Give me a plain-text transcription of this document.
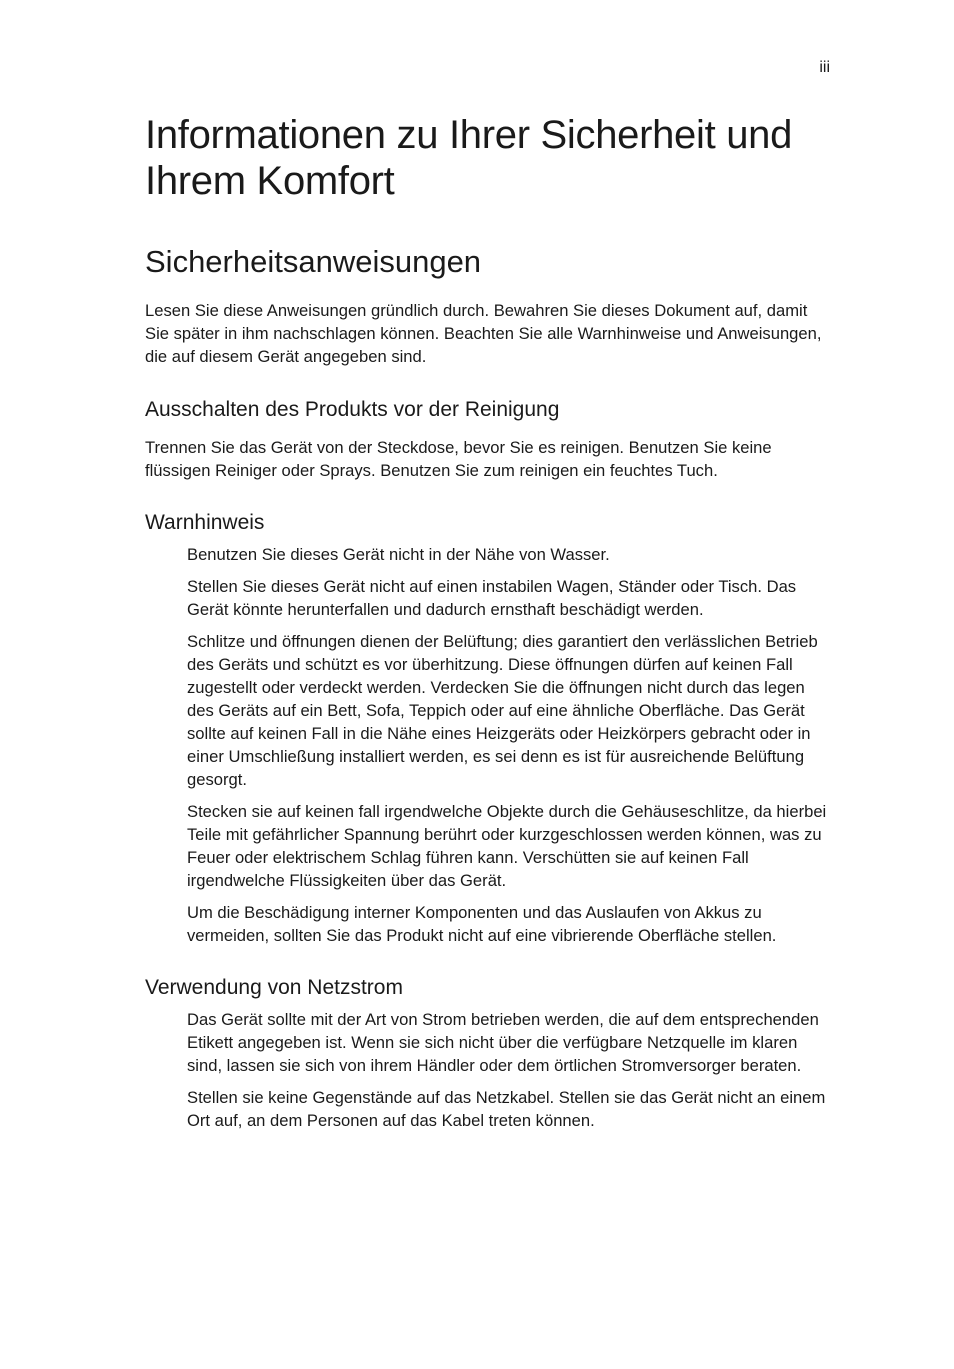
iii

Informationen zu Ihrer Sicherheit und Ihrem Komfort
Sicherheitsanweisungen

Lesen Sie diese Anweisungen gründlich durch. Bewahren Sie dieses Dokument auf, damit Sie später in ihm nachschlagen können. Beachten Sie alle Warnhinweise und Anweisungen, die auf diesem Gerät angegeben sind.

Ausschalten des Produkts vor der Reinigung

Trennen Sie das Gerät von der Steckdose, bevor Sie es reinigen. Benutzen Sie keine flüssigen Reiniger oder Sprays. Benutzen Sie zum reinigen ein feuchtes Tuch.

Warnhinweis

Benutzen Sie dieses Gerät nicht in der Nähe von Wasser.

Stellen Sie dieses Gerät nicht auf einen instabilen Wagen, Ständer oder Tisch. Das Gerät könnte herunterfallen und dadurch ernsthaft beschädigt werden.

Schlitze und öffnungen dienen der Belüftung; dies garantiert den verlässlichen Betrieb des Geräts und schützt es vor überhitzung. Diese öffnungen dürfen auf keinen Fall zugestellt oder verdeckt werden. Verdecken Sie die öffnungen nicht durch das legen des Geräts auf ein Bett, Sofa, Teppich oder auf eine ähnliche Oberfläche. Das Gerät sollte auf keinen Fall in die Nähe eines Heizgeräts oder Heizkörpers gebracht oder in einer Umschließung installiert werden, es sei denn es ist für ausreichende Belüftung gesorgt.

Stecken sie auf keinen fall irgendwelche Objekte durch die Gehäuseschlitze, da hierbei Teile mit gefährlicher Spannung berührt oder kurzgeschlossen werden können, was zu Feuer oder elektrischem Schlag führen kann. Verschütten sie auf keinen Fall irgendwelche Flüssigkeiten über das Gerät.

Um die Beschädigung interner Komponenten und das Auslaufen von Akkus zu vermeiden, sollten Sie das Produkt nicht auf eine vibrierende Oberfläche stellen.

Verwendung von Netzstrom

Das Gerät sollte mit der Art von Strom betrieben werden, die auf dem entsprechenden Etikett angegeben ist. Wenn sie sich nicht über die verfügbare Netzquelle im klaren sind, lassen sie sich von ihrem Händler oder dem örtlichen Stromversorger beraten.

Stellen sie keine Gegenstände auf das Netzkabel. Stellen sie das Gerät nicht an einem Ort auf, an dem Personen auf das Kabel treten können.
